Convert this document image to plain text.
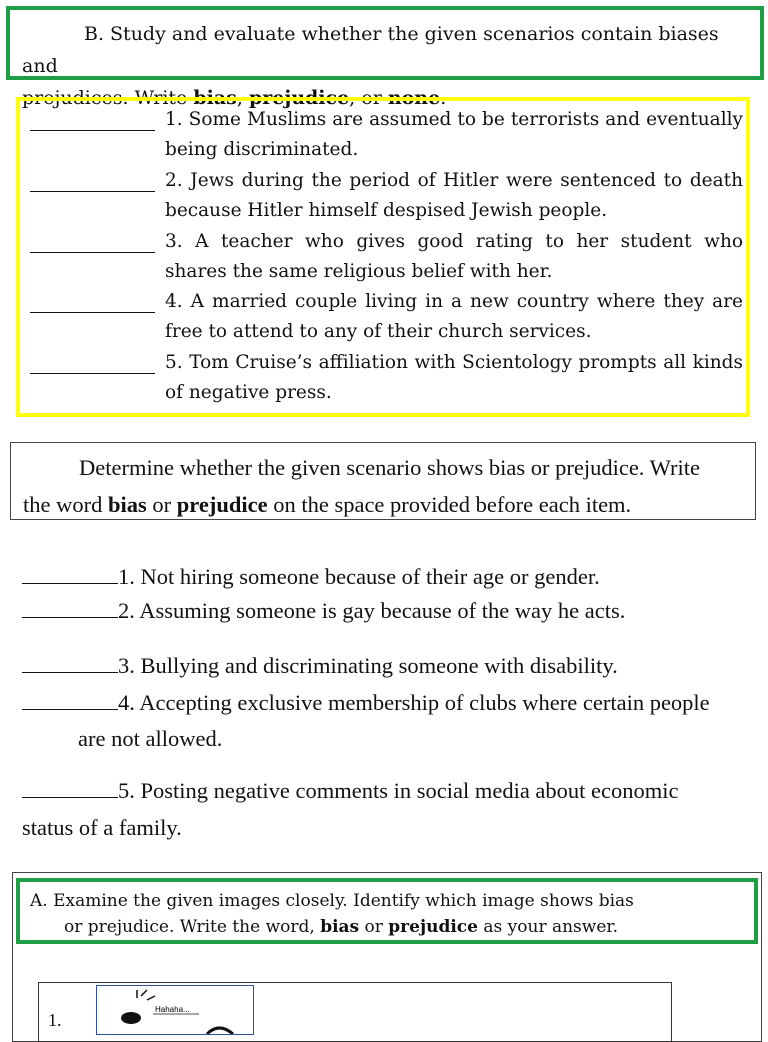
B. Study and evaluate whether the given scenarios contain biases and
prejudices. Write bias, prejudice, or none.
1. Some Muslims are assumed to be terrorists and eventually being discriminated.
2. Jews during the period of Hitler were sentenced to death because Hitler himself despised Jewish people.
3. A teacher who gives good rating to her student who shares the same religious belief with her.
4. A married couple living in a new country where they are free to attend to any of their church services.
5. Tom Cruise’s affiliation with Scientology prompts all kinds of negative press.
Determine whether the given scenario shows bias or prejudice. Write
the word bias or prejudice on the space provided before each item.
1. Not hiring someone because of their age or gender.
2. Assuming someone is gay because of the way he acts.
3. Bullying and discriminating someone with disability.
4. Accepting exclusive membership of clubs where certain people
are not allowed.
5. Posting negative comments in social media about economic
status of a family.
A. Examine the given images closely. Identify which image shows bias
or prejudice. Write the word, bias or prejudice as your answer.
1.
Hahaha...
